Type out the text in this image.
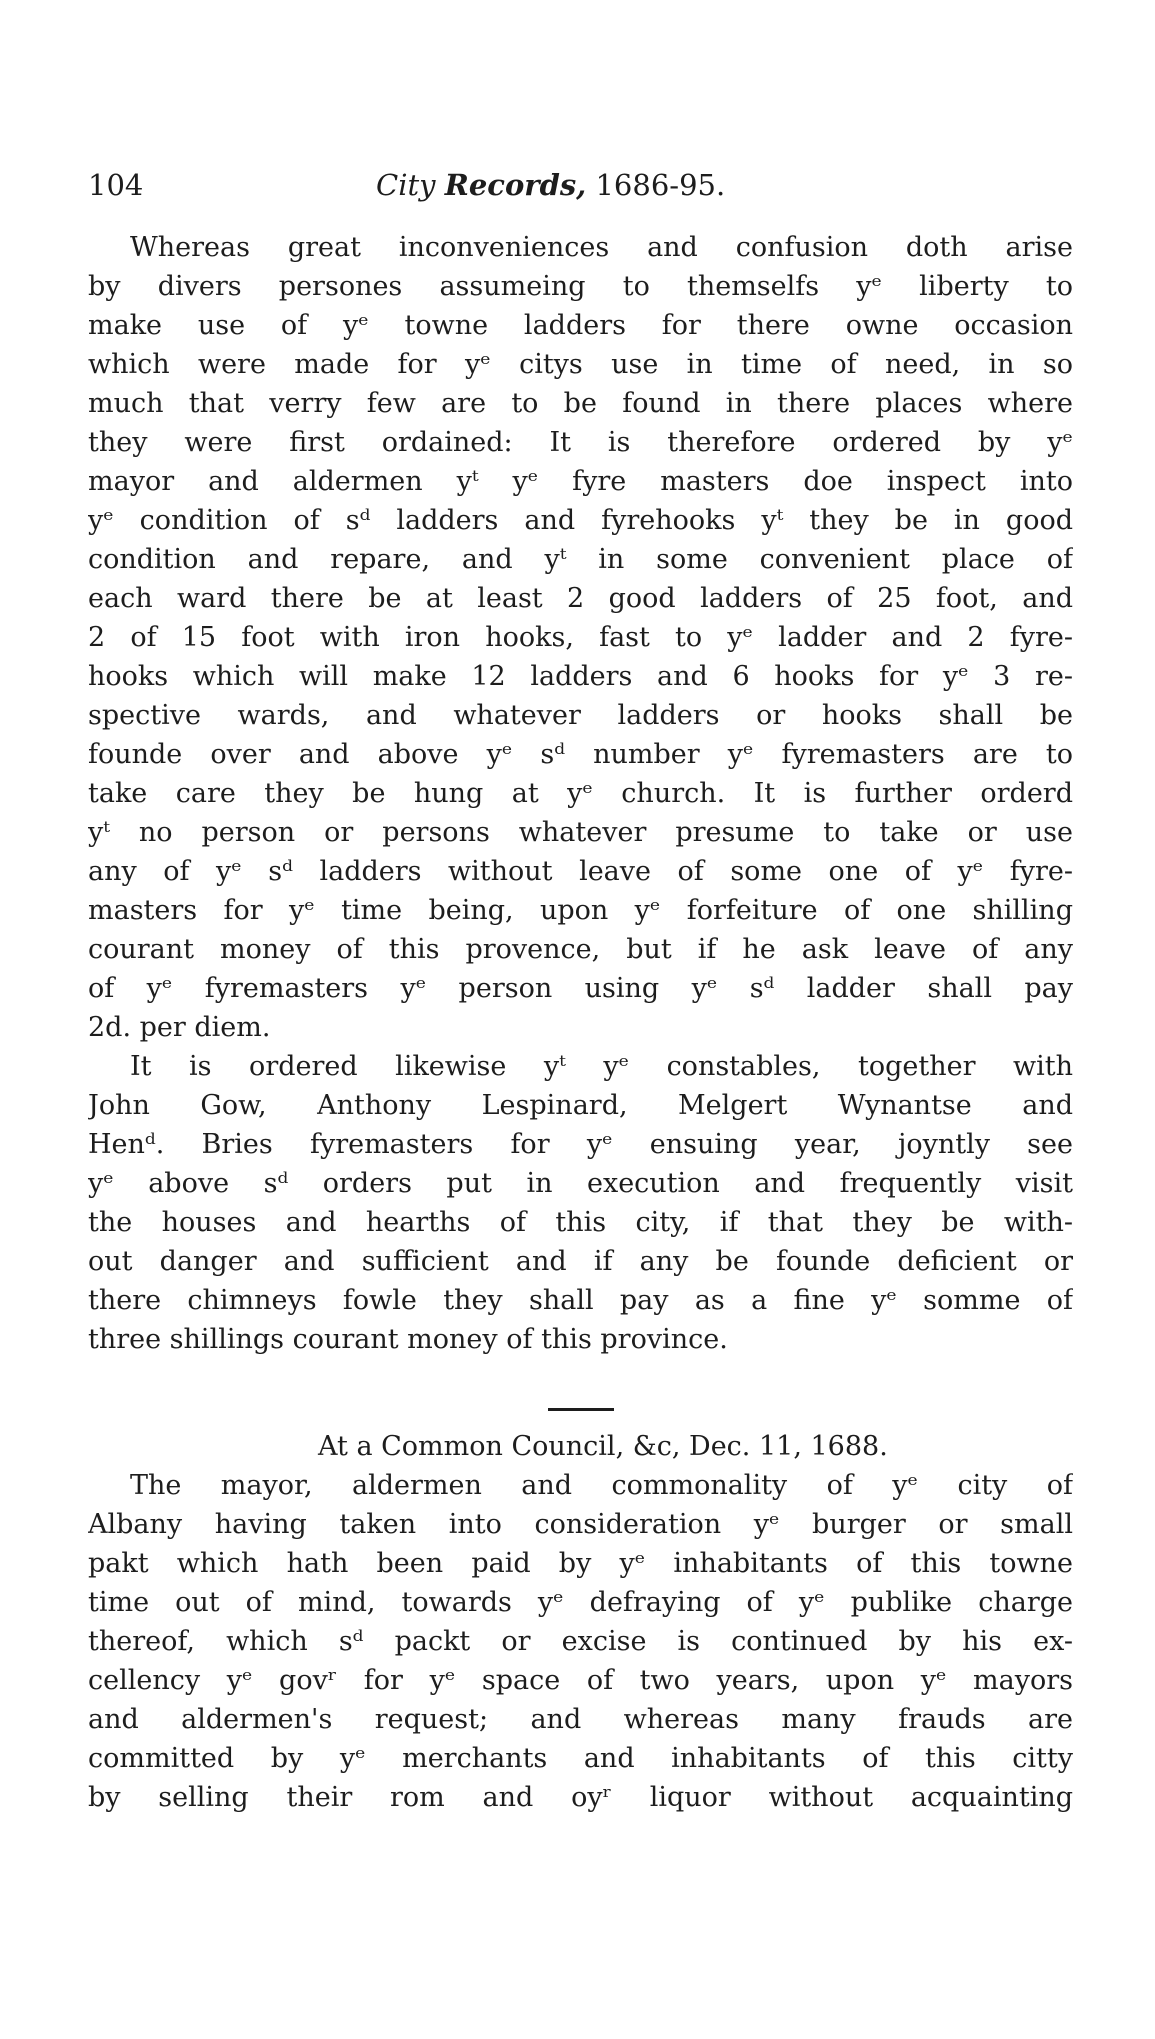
104	City Records, 1686-95.
Whereas great inconveniences and confusion doth arise
by divers persones assumeing to themselfs yᵉ liberty to
make use of yᵉ towne ladders for there owne occasion
which were made for yᵉ citys use in time of need, in so
much that verry few are to be found in there places where
they were first ordained: It is therefore ordered by yᵉ
mayor and aldermen yᵗ yᵉ fyre masters doe inspect into
yᵉ condition of sᵈ ladders and fyrehooks yᵗ they be in good
condition and repare, and yᵗ in some convenient place of
each ward there be at least 2 good ladders of 25 foot, and
2 of 15 foot with iron hooks, fast to yᵉ ladder and 2 fyre-
hooks which will make 12 ladders and 6 hooks for yᵉ 3 re-
spective wards, and whatever ladders or hooks shall be
founde over and above yᵉ sᵈ number yᵉ fyremasters are to
take care they be hung at yᵉ church. It is further orderd
yᵗ no person or persons whatever presume to take or use
any of yᵉ sᵈ ladders without leave of some one of yᵉ fyre-
masters for yᵉ time being, upon yᵉ forfeiture of one shilling
courant money of this provence, but if he ask leave of any
of yᵉ fyremasters yᵉ person using yᵉ sᵈ ladder shall pay
2d. per diem.
It is ordered likewise yᵗ yᵉ constables, together with
John Gow, Anthony Lespinard, Melgert Wynantse and
Henᵈ. Bries fyremasters for yᵉ ensuing year, joyntly see
yᵉ above sᵈ orders put in execution and frequently visit
the houses and hearths of this city, if that they be with-
out danger and sufficient and if any be founde deficient or
there chimneys fowle they shall pay as a fine yᵉ somme of
three shillings courant money of this province.
At a Common Council, &c, Dec. 11, 1688.
The mayor, aldermen and commonality of yᵉ city of
Albany having taken into consideration yᵉ burger or small
pakt which hath been paid by yᵉ inhabitants of this towne
time out of mind, towards yᵉ defraying of yᵉ publike charge
thereof, which sᵈ packt or excise is continued by his ex-
cellency yᵉ govʳ for yᵉ space of two years, upon yᵉ mayors
and aldermen's request; and whereas many frauds are
committed by yᵉ merchants and inhabitants of this citty
by selling their rom and oyʳ liquor without acquainting
